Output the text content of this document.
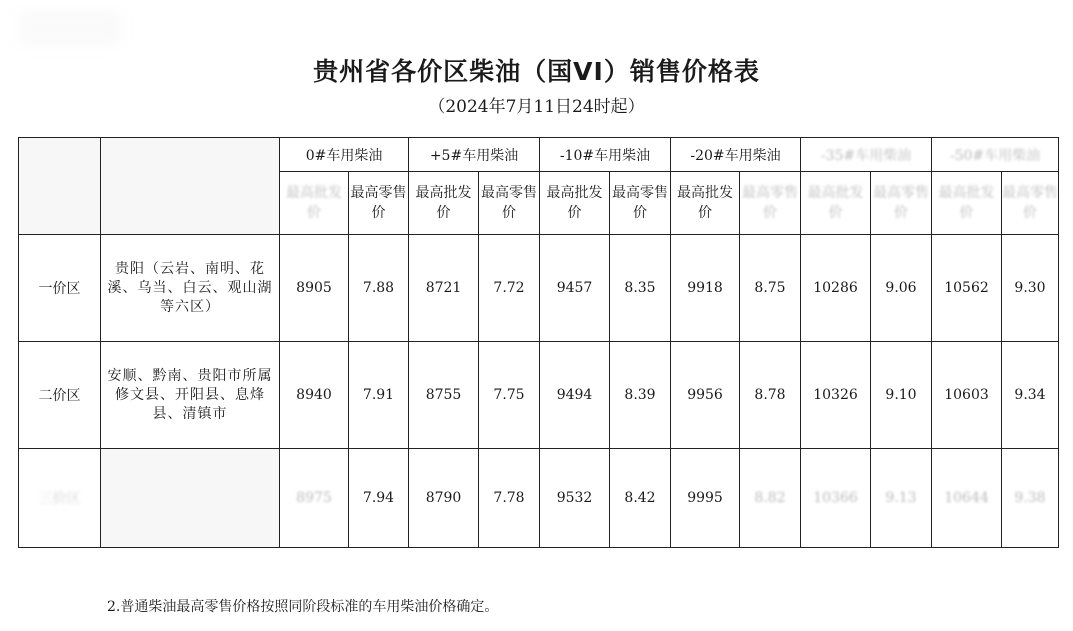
贵州省各价区柴油（国VI）销售价格表
（2024年7月11日24时起）
		0#车用柴油		+5#车用柴油		-10#车用柴油		-20#车用柴油		-35#车用柴油		-50#车用柴油	
		最高批发价	最高零售价	最高批发价	最高零售价	最高批发价	最高零售价	最高批发价	最高零售价	最高批发价	最高零售价	最高批发价	最高零售价
一价区	贵阳（云岩、南明、花溪、乌当、白云、观山湖等六区）	8905	7.88	8721	7.72	9457	8.35	9918	8.75	10286	9.06	10562	9.30
二价区	安顺、黔南、贵阳市所属修文县、开阳县、息烽县、清镇市	8940	7.91	8755	7.75	9494	8.39	9956	8.78	10326	9.10	10603	9.34
三价区		8975	7.94	8790	7.78	9532	8.42	9995	8.82	10366	9.13	10644	9.38
2.普通柴油最高零售价格按照同阶段标准的车用柴油价格确定。
